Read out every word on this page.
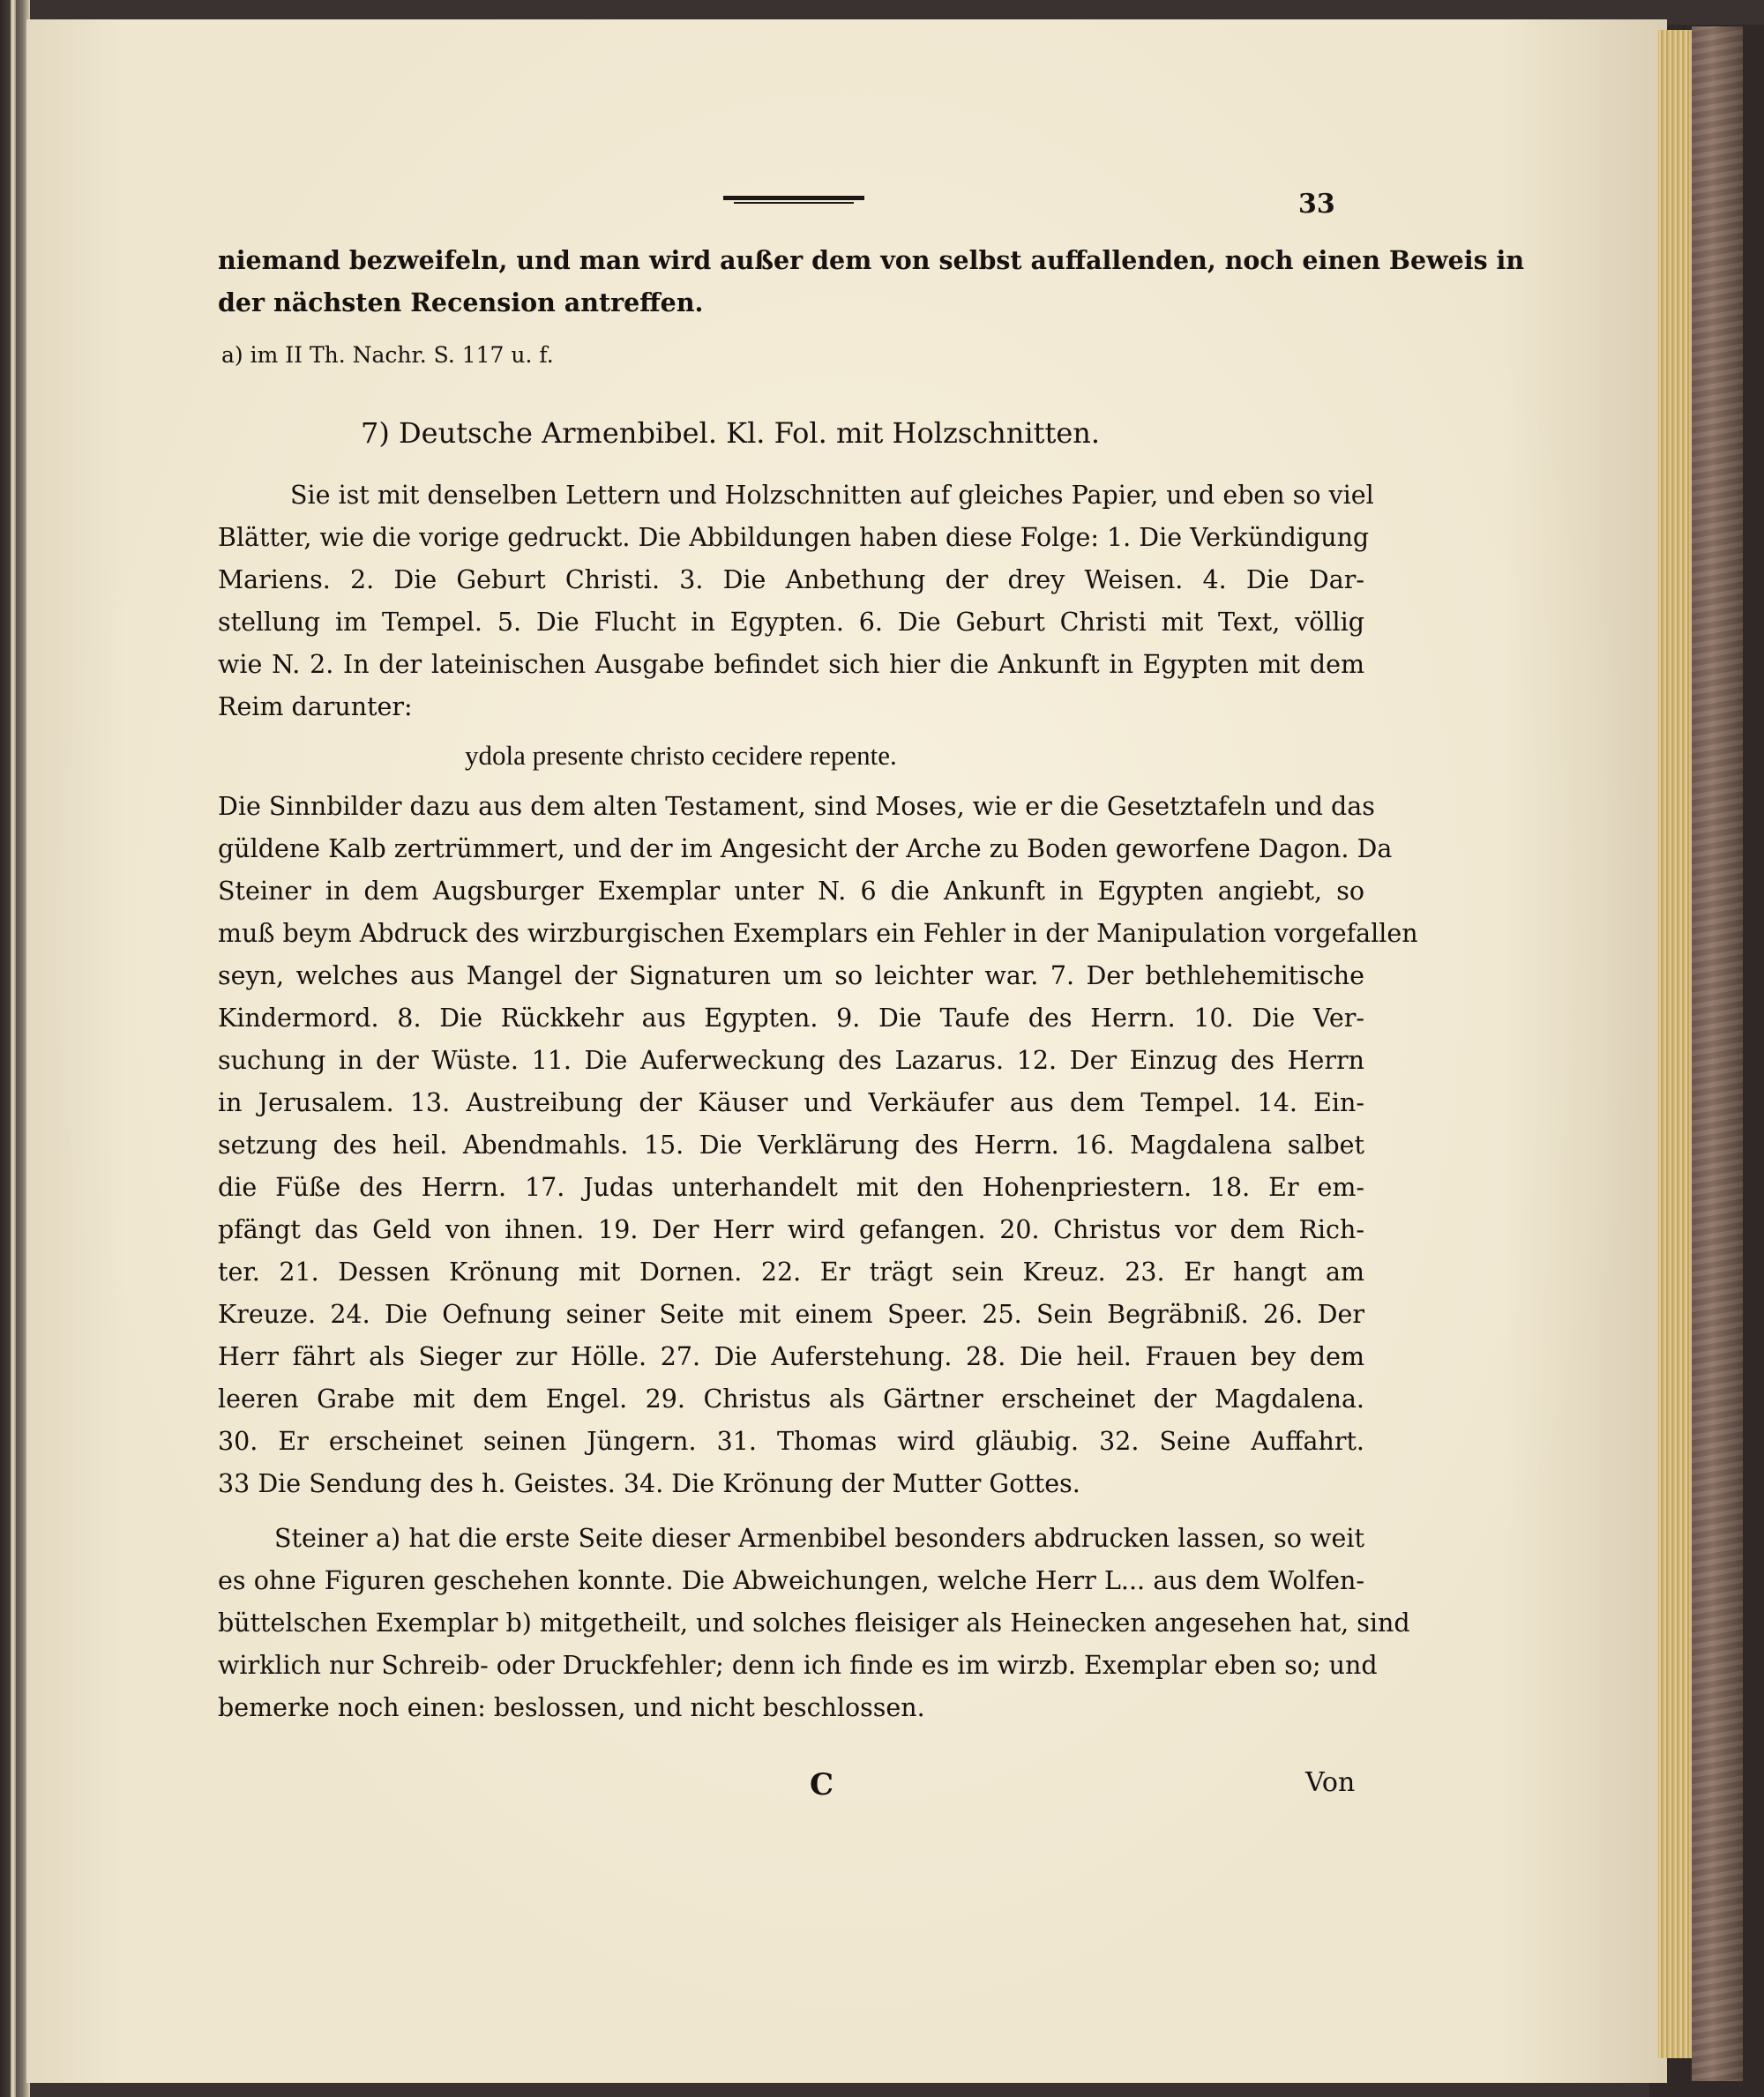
33
niemand bezweifeln, und man wird außer dem von selbst auffallenden, noch einen Beweis in
der nächsten Recension antreffen.
a) im II Th. Nachr. S. 117 u. f.
7) Deutsche Armenbibel. Kl. Fol. mit Holzschnitten.
Sie ist mit denselben Lettern und Holzschnitten auf gleiches Papier, und eben so viel
Blätter, wie die vorige gedruckt. Die Abbildungen haben diese Folge: 1. Die Verkündigung
Mariens. 2. Die Geburt Christi. 3. Die Anbethung der drey Weisen. 4. Die Dar-
stellung im Tempel. 5. Die Flucht in Egypten. 6. Die Geburt Christi mit Text, völlig
wie N. 2. In der lateinischen Ausgabe befindet sich hier die Ankunft in Egypten mit dem
Reim darunter:
ydola presente christo cecidere repente.
Die Sinnbilder dazu aus dem alten Testament, sind Moses, wie er die Gesetztafeln und das
güldene Kalb zertrümmert, und der im Angesicht der Arche zu Boden geworfene Dagon. Da
Steiner in dem Augsburger Exemplar unter N. 6 die Ankunft in Egypten angiebt, so
muß beym Abdruck des wirzburgischen Exemplars ein Fehler in der Manipulation vorgefallen
seyn, welches aus Mangel der Signaturen um so leichter war. 7. Der bethlehemitische
Kindermord. 8. Die Rückkehr aus Egypten. 9. Die Taufe des Herrn. 10. Die Ver-
suchung in der Wüste. 11. Die Auferweckung des Lazarus. 12. Der Einzug des Herrn
in Jerusalem. 13. Austreibung der Käuser und Verkäufer aus dem Tempel. 14. Ein-
setzung des heil. Abendmahls. 15. Die Verklärung des Herrn. 16. Magdalena salbet
die Füße des Herrn. 17. Judas unterhandelt mit den Hohenpriestern. 18. Er em-
pfängt das Geld von ihnen. 19. Der Herr wird gefangen. 20. Christus vor dem Rich-
ter. 21. Dessen Krönung mit Dornen. 22. Er trägt sein Kreuz. 23. Er hangt am
Kreuze. 24. Die Oefnung seiner Seite mit einem Speer. 25. Sein Begräbniß. 26. Der
Herr fährt als Sieger zur Hölle. 27. Die Auferstehung. 28. Die heil. Frauen bey dem
leeren Grabe mit dem Engel. 29. Christus als Gärtner erscheinet der Magdalena.
30. Er erscheinet seinen Jüngern. 31. Thomas wird gläubig. 32. Seine Auffahrt.
33 Die Sendung des h. Geistes. 34. Die Krönung der Mutter Gottes.
Steiner a) hat die erste Seite dieser Armenbibel besonders abdrucken lassen, so weit
es ohne Figuren geschehen konnte. Die Abweichungen, welche Herr L... aus dem Wolfen-
büttelschen Exemplar b) mitgetheilt, und solches fleisiger als Heinecken angesehen hat, sind
wirklich nur Schreib- oder Druckfehler; denn ich finde es im wirzb. Exemplar eben so; und
bemerke noch einen: beslossen, und nicht beschlossen.
C	Von
